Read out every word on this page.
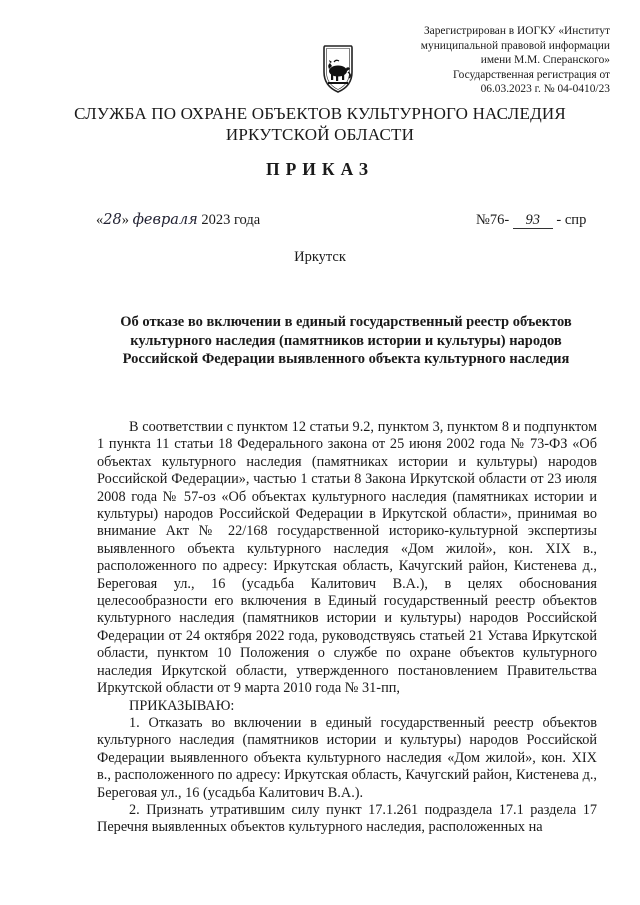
Зарегистрирован в ИОГКУ «Институт
муниципальной правовой информации
имени М.М. Сперанского»
Государственная регистрация от
06.03.2023 г. № 04-0410/23
СЛУЖБА ПО ОХРАНЕ ОБЪЕКТОВ КУЛЬТУРНОГО НАСЛЕДИЯ
ИРКУТСКОЙ ОБЛАСТИ
ПРИКАЗ
«28» февраля 2023 года	№76- 93 - спр
Иркутск
Об отказе во включении в единый государственный реестр объектов
культурного наследия (памятников истории и культуры) народов
Российской Федерации выявленного объекта культурного наследия

В соответствии с пунктом 12 статьи 9.2, пунктом 3, пунктом 8 и подпунктом 1 пункта 11 статьи 18 Федерального закона от 25 июня 2002 года № 73-ФЗ «Об объектах культурного наследия (памятниках истории и культуры) народов Российской Федерации», частью 1 статьи 8 Закона Иркутской области от 23 июля 2008 года № 57-оз «Об объектах культурного наследия (памятниках истории и культуры) народов Российской Федерации в Иркутской области», принимая во внимание Акт № 22/168 государственной историко-культурной экспертизы выявленного объекта культурного наследия «Дом жилой», кон. XIX в., расположенного по адресу: Иркутская область, Качугский район, Кистенева д., Береговая ул., 16 (усадьба Калитович В.А.), в целях обоснования целесообразности его включения в Единый государственный реестр объектов культурного наследия (памятников истории и культуры) народов Российской Федерации от 24 октября 2022 года, руководствуясь статьей 21 Устава Иркутской области, пунктом 10 Положения о службе по охране объектов культурного наследия Иркутской области, утвержденного постановлением Правительства Иркутской области от 9 марта 2010 года № 31-пп,

ПРИКАЗЫВАЮ:

1. Отказать во включении в единый государственный реестр объектов культурного наследия (памятников истории и культуры) народов Российской Федерации выявленного объекта культурного наследия «Дом жилой», кон. XIX в., расположенного по адресу: Иркутская область, Качугский район, Кистенева д., Береговая ул., 16 (усадьба Калитович В.А.).

2. Признать утратившим силу пункт 17.1.261 подраздела 17.1 раздела 17 Перечня выявленных объектов культурного наследия, расположенных на
